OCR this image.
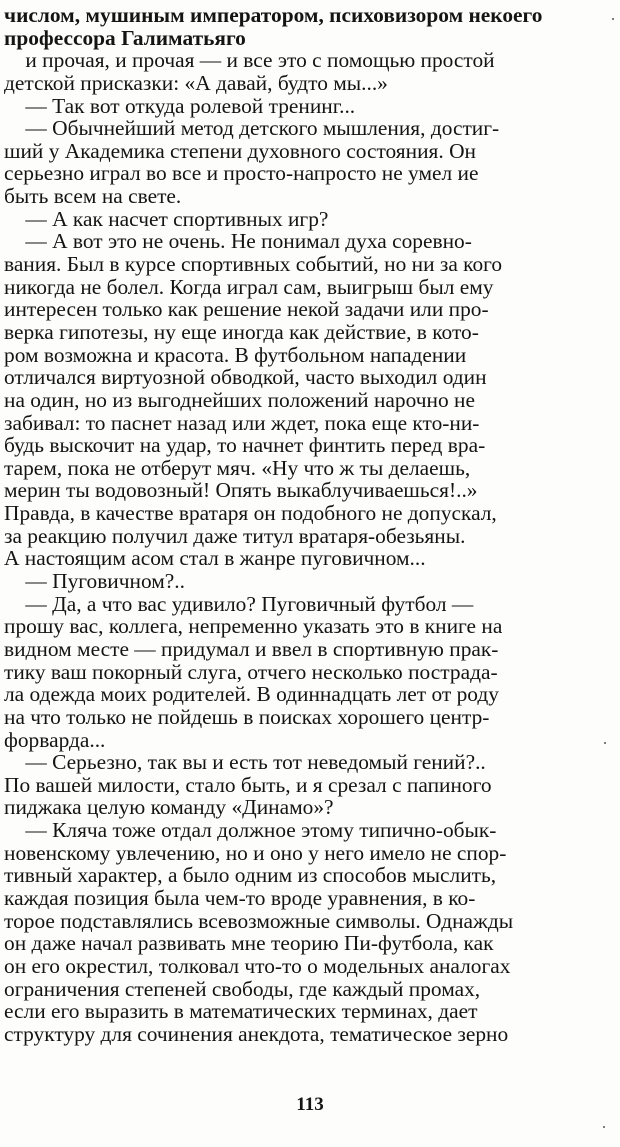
числом, мушиным императором, психовизором некоего
профессора Галиматьяго
и прочая, и прочая — и все это с помощью простой
детской присказки: «А давай, будто мы...»
— Так вот откуда ролевой тренинг...
— Обычнейший метод детского мышления, достиг-
ший у Академика степени духовного состояния. Он
серьезно играл во все и просто-напросто не умел ие
быть всем на свете.
— А как насчет спортивных игр?
— А вот это не очень. Не понимал духа соревно-
вания. Был в курсе спортивных событий, но ни за кого
никогда не болел. Когда играл сам, выигрыш был ему
интересен только как решение некой задачи или про-
верка гипотезы, ну еще иногда как действие, в кото-
ром возможна и красота. В футбольном нападении
отличался виртуозной обводкой, часто выходил один
на один, но из выгоднейших положений нарочно не
забивал: то паснет назад или ждет, пока еще кто-ни-
будь выскочит на удар, то начнет финтить перед вра-
тарем, пока не отберут мяч. «Ну что ж ты делаешь,
мерин ты водовозный! Опять выкаблучиваешься!..»
Правда, в качестве вратаря он подобного не допускал,
за реакцию получил даже титул вратаря-обезьяны.
А настоящим асом стал в жанре пуговичном...
— Пуговичном?..
— Да, а что вас удивило? Пуговичный футбол —
прошу вас, коллега, непременно указать это в книге на
видном месте — придумал и ввел в спортивную прак-
тику ваш покорный слуга, отчего несколько пострада-
ла одежда моих родителей. В одиннадцать лет от роду
на что только не пойдешь в поисках хорошего центр-
форварда...
— Серьезно, так вы и есть тот неведомый гений?..
По вашей милости, стало быть, и я срезал с папиного
пиджака целую команду «Динамо»?
— Кляча тоже отдал должное этому типично-обык-
новенскому увлечению, но и оно у него имело не спор-
тивный характер, а было одним из способов мыслить,
каждая позиция была чем-то вроде уравнения, в ко-
торое подставлялись всевозможные символы. Однажды
он даже начал развивать мне теорию Пи-футбола, как
он его окрестил, толковал что-то о модельных аналогах
ограничения степеней свободы, где каждый промах,
если его выразить в математических терминах, дает
структуру для сочинения анекдота, тематическое зерно
113
